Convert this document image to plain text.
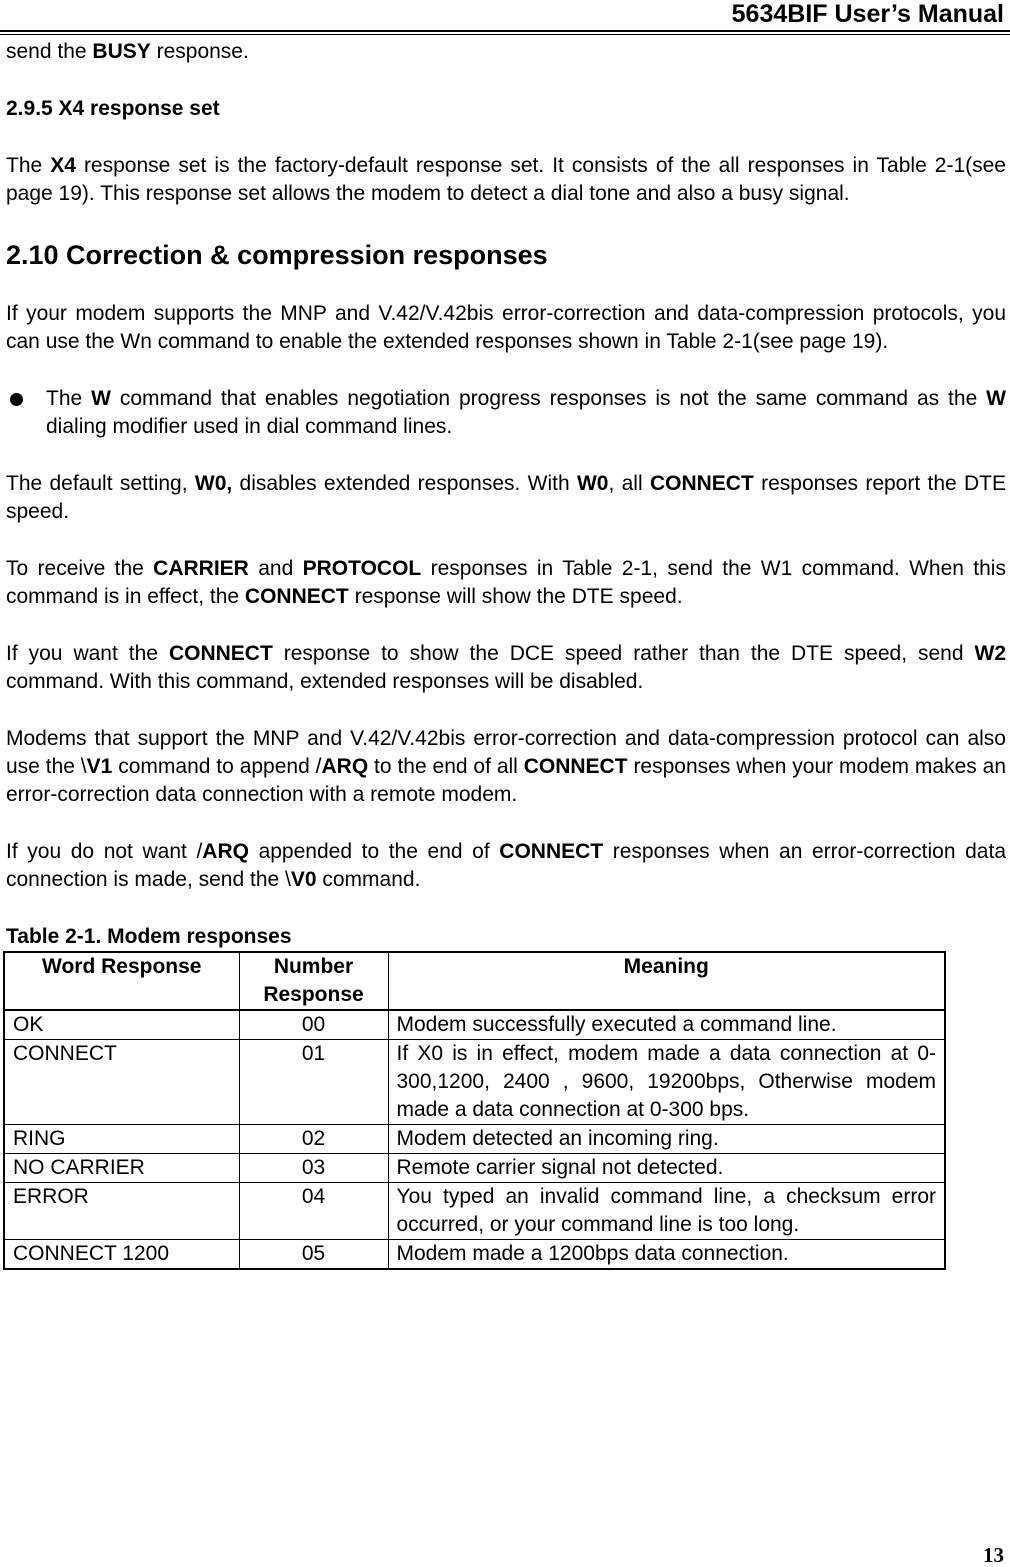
5634BIF User’s Manual

send the BUSY response.

2.9.5 X4 response set

The X4 response set is the factory-default response set. It consists of the all responses in Table 2-1(see page 19). This response set allows the modem to detect a dial tone and also a busy signal.

2.10 Correction & compression responses

If your modem supports the MNP and V.42/V.42bis error-correction and data-compression protocols, you can use the Wn command to enable the extended responses shown in Table 2-1(see page 19).

The W command that enables negotiation progress responses is not the same command as the W dialing modifier used in dial command lines.

The default setting, W0, disables extended responses. With W0, all CONNECT responses report the DTE speed.

To receive the CARRIER and PROTOCOL responses in Table 2-1, send the W1 command. When this command is in effect, the CONNECT response will show the DTE speed.

If you want the CONNECT response to show the DCE speed rather than the DTE speed, send W2 command. With this command, extended responses will be disabled.

Modems that support the MNP and V.42/V.42bis error-correction and data-compression protocol can also use the \V1 command to append /ARQ to the end of all CONNECT responses when your modem makes an error-correction data connection with a remote modem.

If you do not want /ARQ appended to the end of CONNECT responses when an error-correction data connection is made, send the \V0 command.

Table 2-1. Modem responses

Word Response	Number Response	Meaning
OK	00	Modem successfully executed a command line.
CONNECT	01	If X0 is in effect, modem made a data connection at 0-300,1200, 2400 , 9600, 19200bps, Otherwise modem made a data connection at 0-300 bps.
RING	02	Modem detected an incoming ring.
NO CARRIER	03	Remote carrier signal not detected.
ERROR	04	You typed an invalid command line, a checksum error occurred, or your command line is too long.
CONNECT 1200	05	Modem made a 1200bps data connection.
13
